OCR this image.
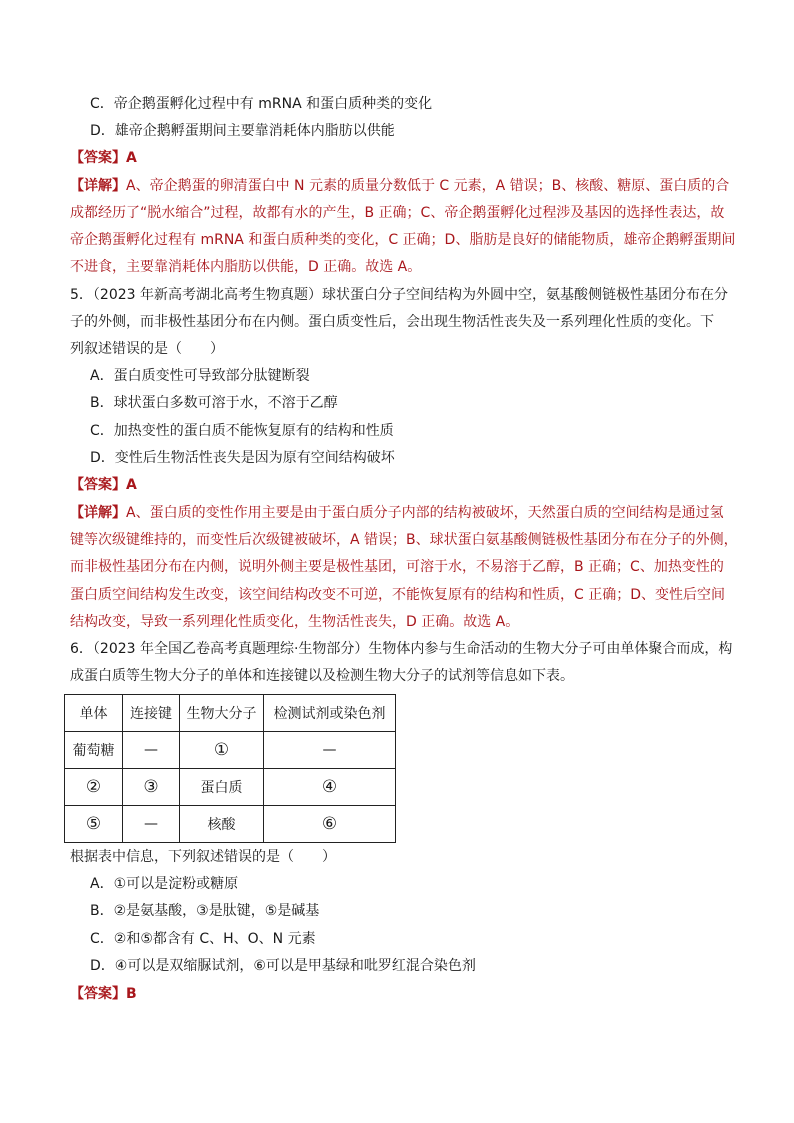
C．帝企鹅蛋孵化过程中有 mRNA 和蛋白质种类的变化
D．雄帝企鹅孵蛋期间主要靠消耗体内脂肪以供能
【答案】A
【详解】A、帝企鹅蛋的卵清蛋白中 N 元素的质量分数低于 C 元素，A 错误；B、核酸、糖原、蛋白质的合
成都经历了“脱水缩合”过程，故都有水的产生，B 正确；C、帝企鹅蛋孵化过程涉及基因的选择性表达，故
帝企鹅蛋孵化过程有 mRNA 和蛋白质种类的变化，C 正确；D、脂肪是良好的储能物质，雄帝企鹅孵蛋期间
不进食，主要靠消耗体内脂肪以供能，D 正确。故选 A。
5．（2023 年新高考湖北高考生物真题）球状蛋白分子空间结构为外圆中空，氨基酸侧链极性基团分布在分
子的外侧，而非极性基团分布在内侧。蛋白质变性后，会出现生物活性丧失及一系列理化性质的变化。下
列叙述错误的是（　　）
A．蛋白质变性可导致部分肽键断裂
B．球状蛋白多数可溶于水，不溶于乙醇
C．加热变性的蛋白质不能恢复原有的结构和性质
D．变性后生物活性丧失是因为原有空间结构破坏
【答案】A
【详解】A、蛋白质的变性作用主要是由于蛋白质分子内部的结构被破坏，天然蛋白质的空间结构是通过氢
键等次级键维持的，而变性后次级键被破坏，A 错误；B、球状蛋白氨基酸侧链极性基团分布在分子的外侧，
而非极性基团分布在内侧，说明外侧主要是极性基团，可溶于水，不易溶于乙醇，B 正确；C、加热变性的
蛋白质空间结构发生改变，该空间结构改变不可逆，不能恢复原有的结构和性质，C 正确；D、变性后空间
结构改变，导致一系列理化性质变化，生物活性丧失，D 正确。故选 A。
6．（2023 年全国乙卷高考真题理综·生物部分）生物体内参与生命活动的生物大分子可由单体聚合而成，构
成蛋白质等生物大分子的单体和连接键以及检测生物大分子的试剂等信息如下表。
单体	连接键	生物大分子	检测试剂或染色剂
葡萄糖	—	①	—
②	③	蛋白质	④
⑤	—	核酸	⑥
根据表中信息，下列叙述错误的是（　　）
A．①可以是淀粉或糖原
B．②是氨基酸，③是肽键，⑤是碱基
C．②和⑤都含有 C、H、O、N 元素
D．④可以是双缩脲试剂，⑥可以是甲基绿和吡罗红混合染色剂
【答案】B
